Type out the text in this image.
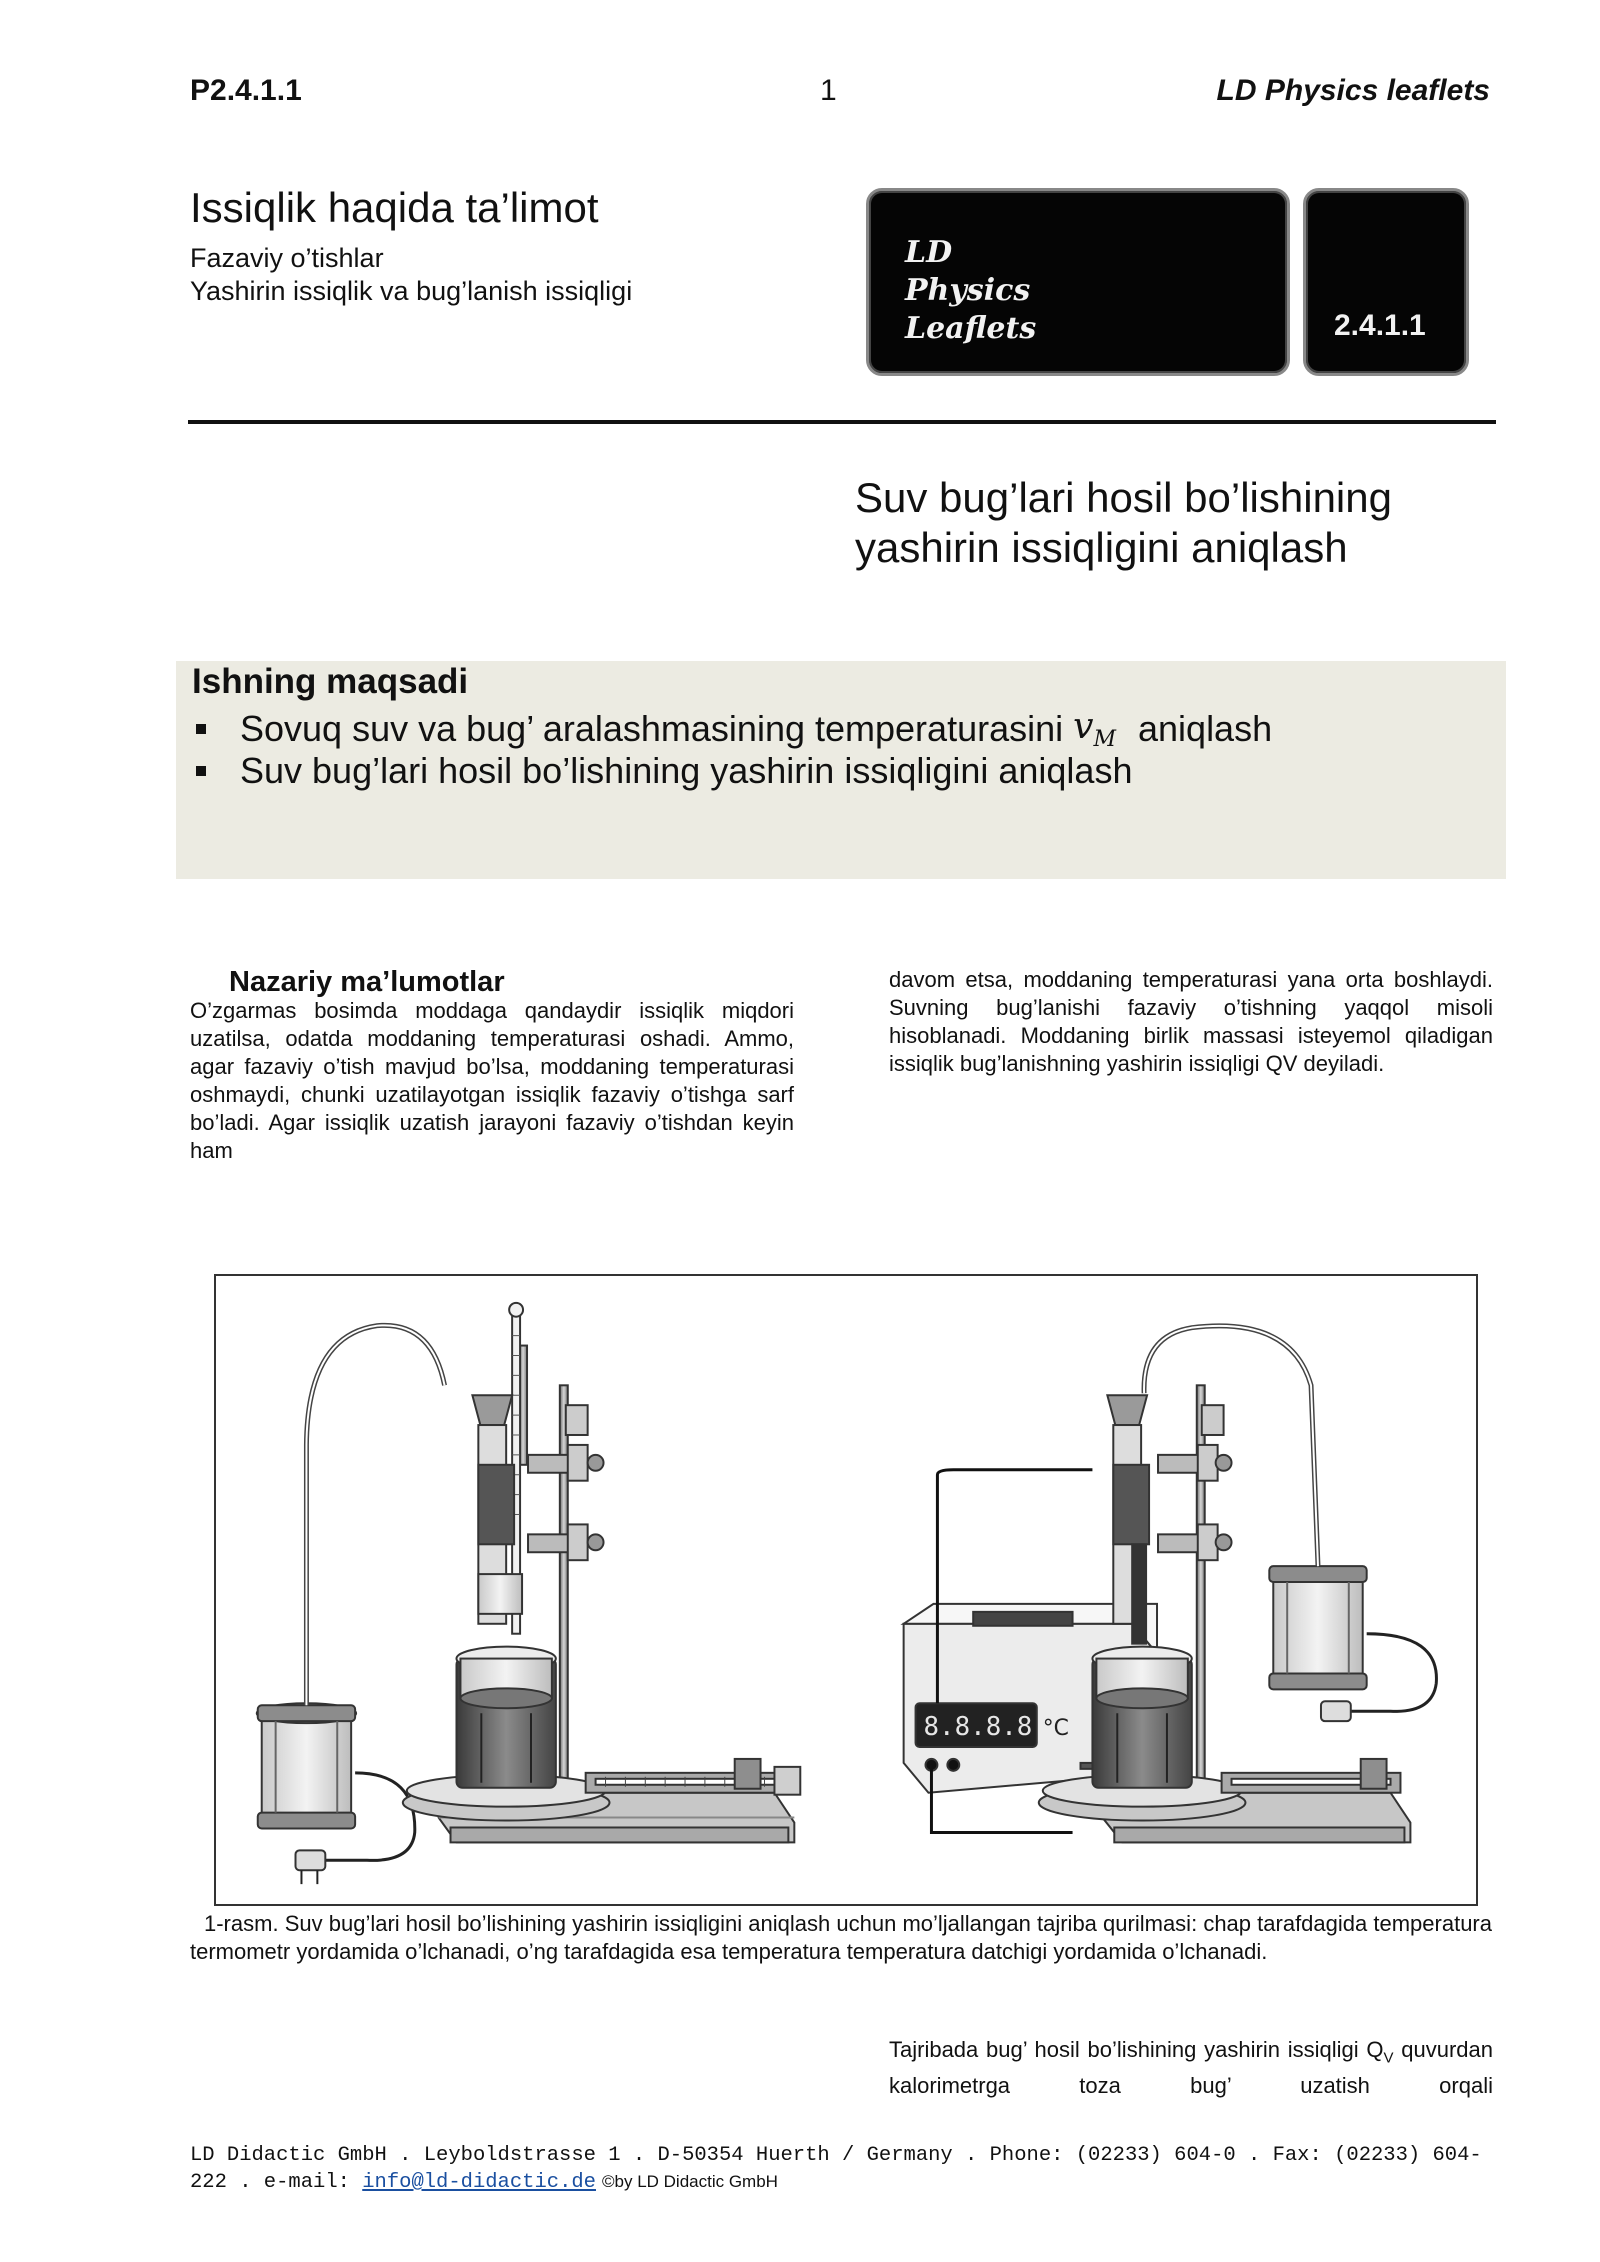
P2.4.1.1	1	LD Physics leaflets
Issiqlik haqida ta’limot
Fazaviy o’tishlar
Yashirin issiqlik va bug’lanish issiqligi
LD
Physics
Leaflets	2.4.1.1
Suv bug’lari hosil bo’lishining
yashirin issiqligini aniqlash
Ishning maqsadi
Sovuq suv va bug’ aralashmasining temperaturasini $v_M$ aniqlash
Suv bug’lari hosil bo’lishining yashirin issiqligini aniqlash
Nazariy ma’lumotlar
O’zgarmas bosimda moddaga qandaydir issiqlik miqdori uzatilsa, odatda moddaning temperaturasi oshadi. Ammo, agar fazaviy o’tish mavjud bo’lsa, moddaning temperaturasi oshmaydi, chunki uzatilayotgan issiqlik fazaviy o’tishga sarf bo’ladi. Agar issiqlik uzatish jarayoni fazaviy o’tishdan keyin ham
davom etsa, moddaning temperaturasi yana orta boshlaydi. Suvning bug’lanishi fazaviy o’tishning yaqqol misoli hisoblanadi. Moddaning birlik massasi isteyemol qiladigan issiqlik bug’lanishning yashirin issiqligi QV deyiladi.
8.8.8.8 °C
1-rasm. Suv bug’lari hosil bo’lishining yashirin issiqligini aniqlash uchun mo’ljallangan tajriba qurilmasi: chap tarafdagida temperatura termometr yordamida o’lchanadi, o’ng tarafdagida esa temperatura temperatura datchigi yordamida o’lchanadi.
Tajribada bug’ hosil bo’lishining yashirin issiqligi $Q_V$ quvurdan kalorimetrga toza bug’ uzatish orqali
LD Didactic GmbH . Leyboldstrasse 1 . D-50354 Huerth / Germany . Phone: (02233) 604-0 . Fax: (02233) 604-222 . e-mail: info@ld-didactic.de ©by LD Didactic GmbH
